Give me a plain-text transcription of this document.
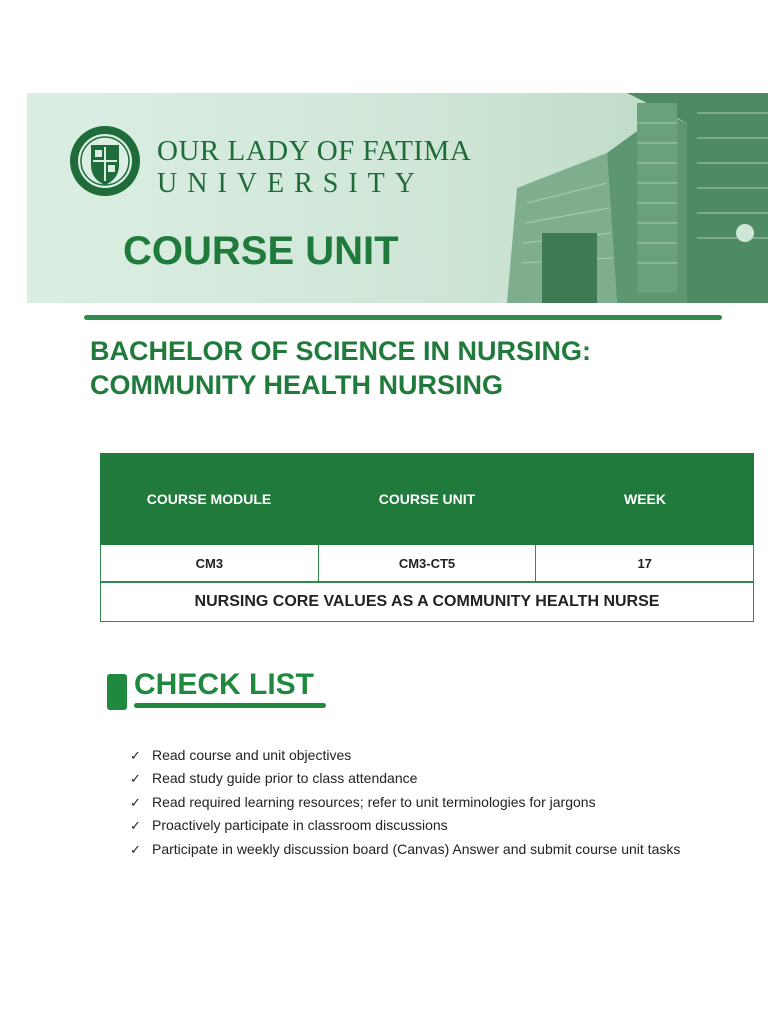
OUR LADY OF FATIMA
UNIVERSITY
COURSE UNIT
BACHELOR OF SCIENCE IN NURSING:
COMMUNITY HEALTH NURSING
COURSE MODULE	COURSE UNIT	WEEK
CM3	CM3-CT5	17
NURSING CORE VALUES AS A COMMUNITY HEALTH NURSE
CHECK LIST
✓ Read course and unit objectives
✓ Read study guide prior to class attendance
✓ Read required learning resources; refer to unit terminologies for jargons
✓ Proactively participate in classroom discussions
✓ Participate in weekly discussion board (Canvas) Answer and submit course unit tasks
